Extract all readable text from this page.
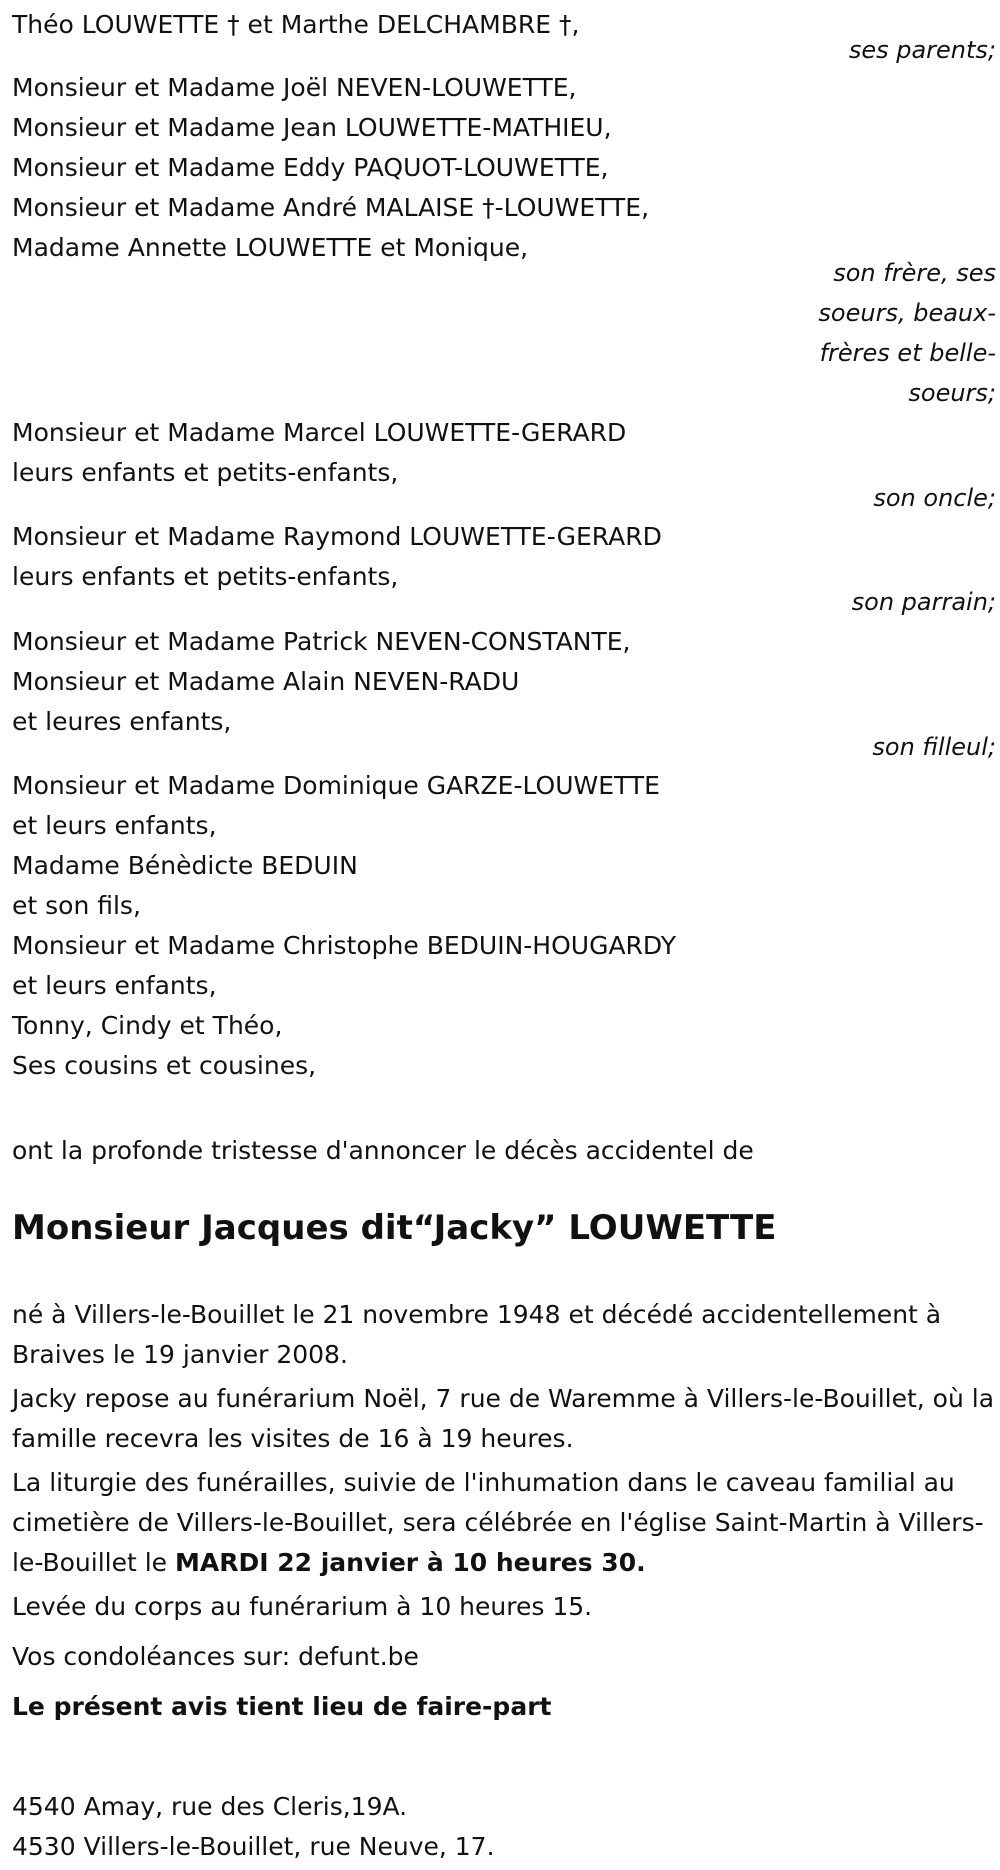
Théo LOUWETTE † et Marthe DELCHAMBRE †,
ses parents;
Monsieur et Madame Joël NEVEN-LOUWETTE,
Monsieur et Madame Jean LOUWETTE-MATHIEU,
Monsieur et Madame Eddy PAQUOT-LOUWETTE,
Monsieur et Madame André MALAISE †-LOUWETTE,
Madame Annette LOUWETTE et Monique,
son frère, ses
soeurs, beaux-
frères et belle-
soeurs;
Monsieur et Madame Marcel LOUWETTE-GERARD
leurs enfants et petits-enfants,
son oncle;
Monsieur et Madame Raymond LOUWETTE-GERARD
leurs enfants et petits-enfants,
son parrain;
Monsieur et Madame Patrick NEVEN-CONSTANTE,
Monsieur et Madame Alain NEVEN-RADU
et leures enfants,
son filleul;
Monsieur et Madame Dominique GARZE-LOUWETTE
et leurs enfants,
Madame Bénèdicte BEDUIN
et son fils,
Monsieur et Madame Christophe BEDUIN-HOUGARDY
et leurs enfants,
Tonny, Cindy et Théo,
Ses cousins et cousines,
ont la profonde tristesse d'annoncer le décès accidentel de
Monsieur Jacques dit“Jacky” LOUWETTE
né à Villers-le-Bouillet le 21 novembre 1948 et décédé accidentellement à Braives le 19 janvier 2008.
Jacky repose au funérarium Noël, 7 rue de Waremme à Villers-le-Bouillet, où la famille recevra les visites de 16 à 19 heures.
La liturgie des funérailles, suivie de l'inhumation dans le caveau familial au cimetière de Villers-le-Bouillet, sera célébrée en l'église Saint-Martin à Villers-le-Bouillet le MARDI 22 janvier à 10 heures 30.
Levée du corps au funérarium à 10 heures 15.
Vos condoléances sur: defunt.be
Le présent avis tient lieu de faire-part
4540 Amay, rue des Cleris,19A.
4530 Villers-le-Bouillet, rue Neuve, 17.
